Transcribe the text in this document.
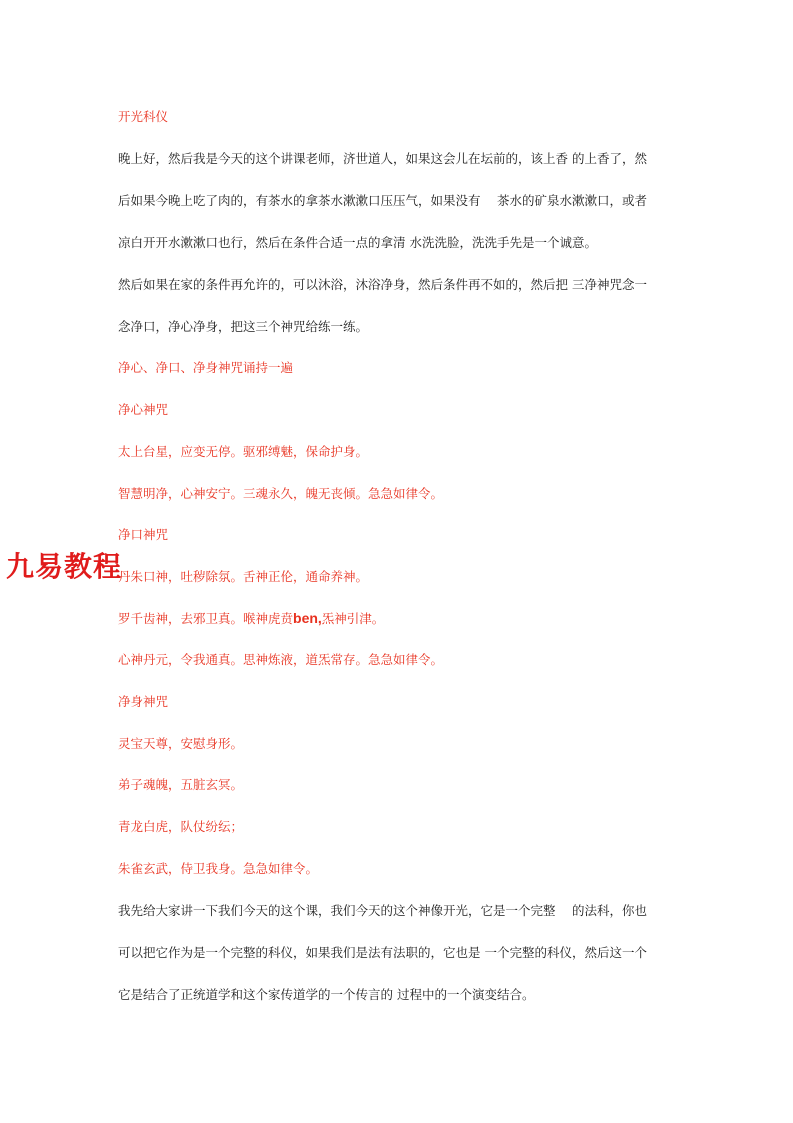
开光科仪
晚上好，然后我是今天的这个讲课老师，济世道人，如果这会儿在坛前的，该上香 的上香了，然
后如果今晚上吃了肉的，有茶水的拿茶水漱漱口压压气，如果没有　 茶水的矿泉水漱漱口，或者
凉白开开水漱漱口也行，然后在条件合适一点的拿清 水洗洗脸，洗洗手先是一个诚意。
然后如果在家的条件再允许的，可以沐浴，沐浴净身，然后条件再不如的，然后把 三净神咒念一
念净口，净心净身，把这三个神咒给练一练。
净心、净口、净身神咒诵持一遍
净心神咒
太上台星，应变无停。驱邪缚魅，保命护身。
智慧明净，心神安宁。三魂永久，魄无丧倾。急急如律令。
净口神咒
丹朱口神，吐秽除氛。舌神正伦，通命养神。
罗千齿神，去邪卫真。喉神虎贲ben,炁神引津。
心神丹元，令我通真。思神炼液，道炁常存。急急如律令。
净身神咒
灵宝天尊，安慰身形。
弟子魂魄，五脏玄冥。
青龙白虎，队仗纷纭；
朱雀玄武，侍卫我身。急急如律令。
我先给大家讲一下我们今天的这个课，我们今天的这个神像开光，它是一个完整　 的法科，你也
可以把它作为是一个完整的科仪，如果我们是法有法职的，它也是 一个完整的科仪，然后这一个
它是结合了正统道学和这个家传道学的一个传言的 过程中的一个演变结合。
九易教程
